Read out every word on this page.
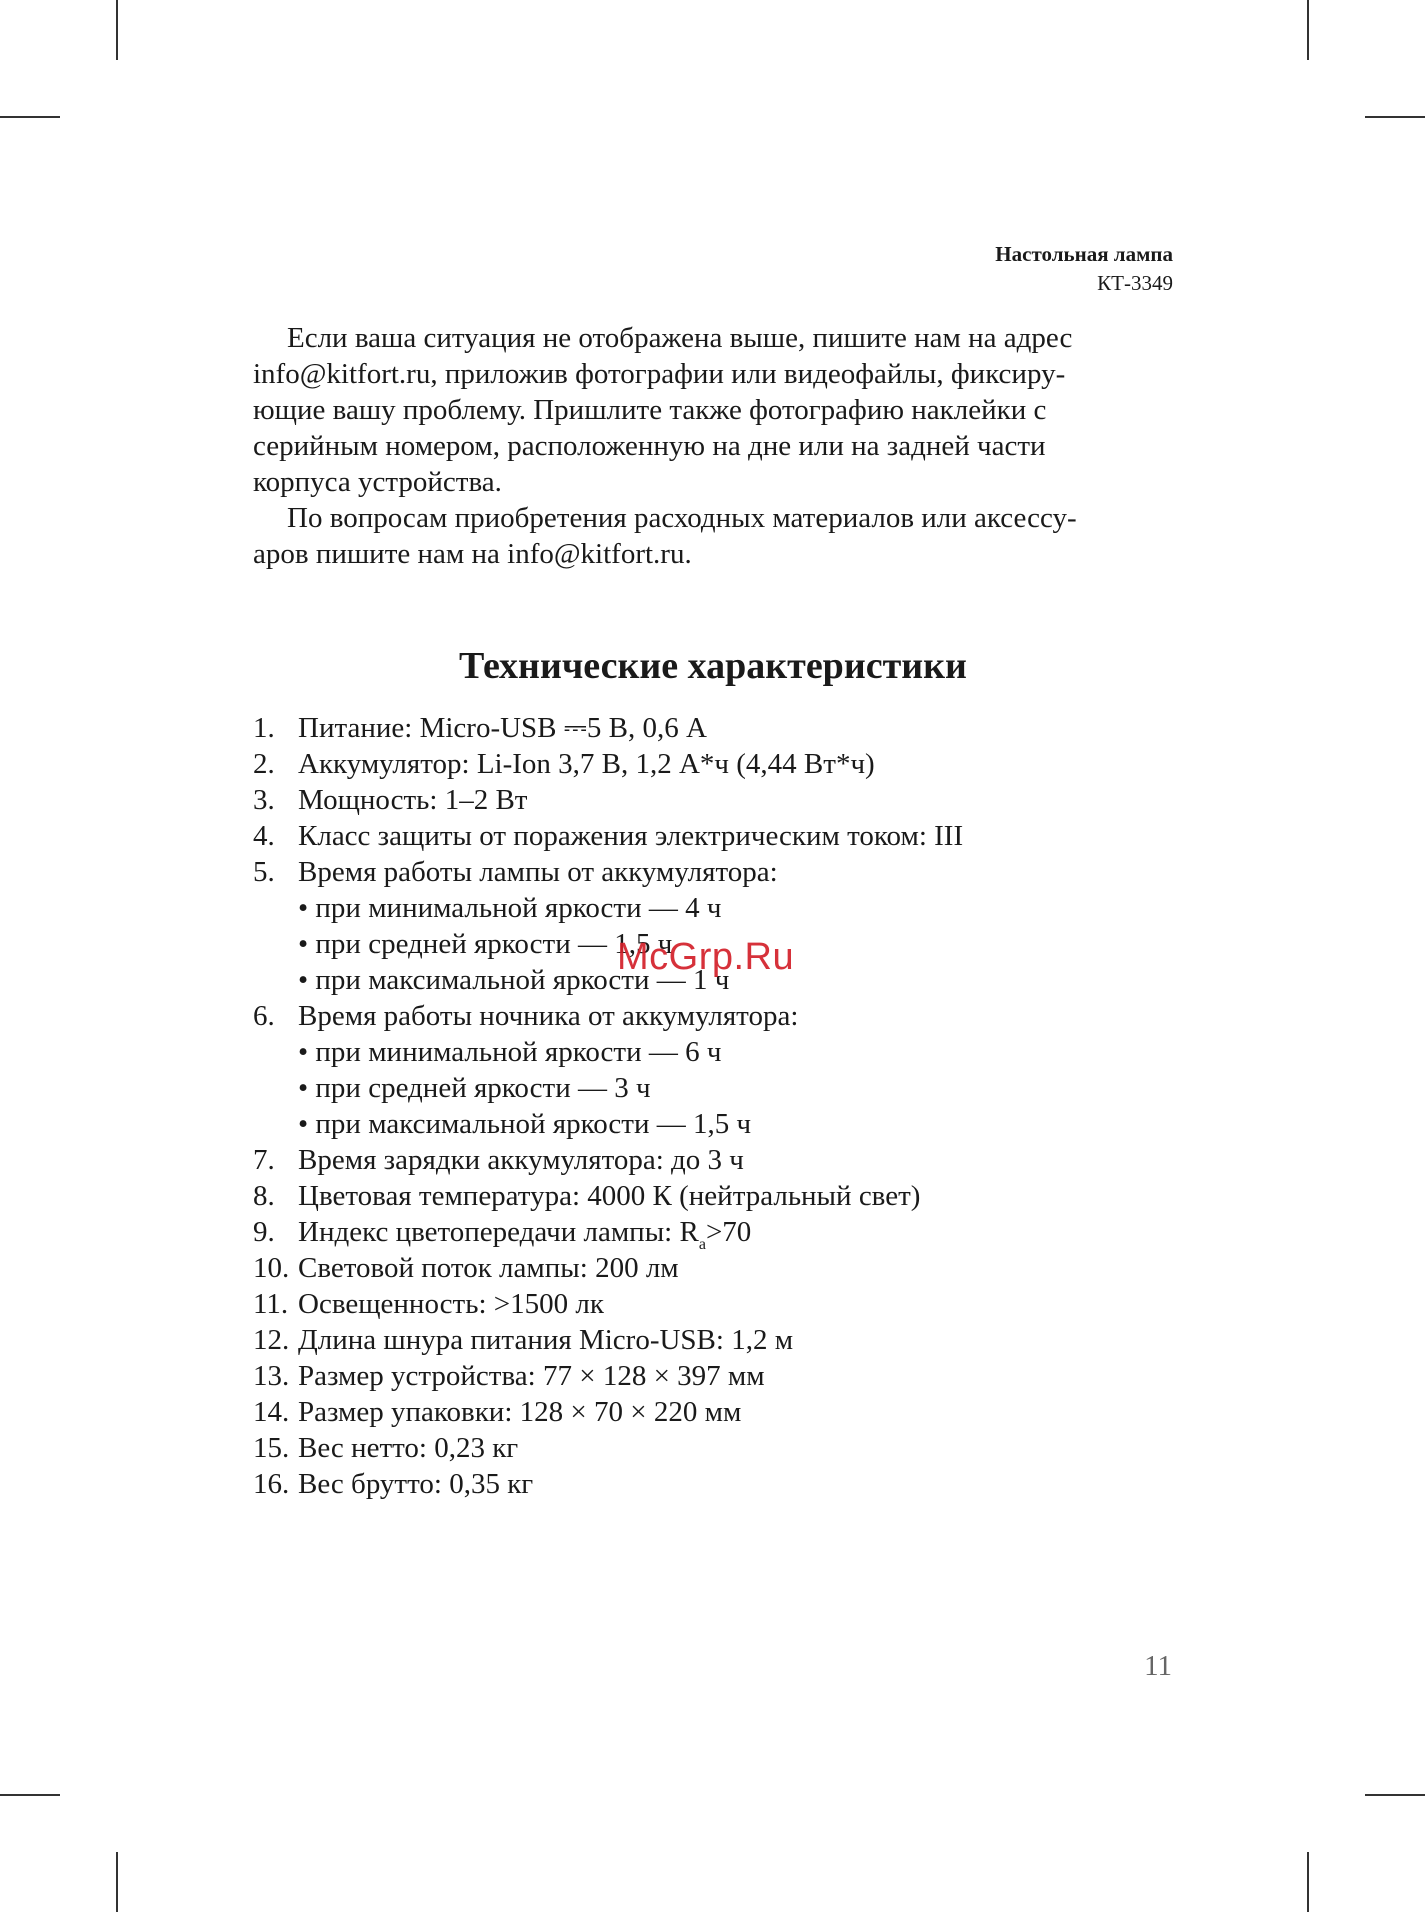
Настольная лампа
КТ-3349

Если ваша ситуация не отображена выше, пишите нам на адрес
info@kitfort.ru, приложив фотографии или видеофайлы, фиксиру-
ющие вашу проблему. Пришлите также фотографию наклейки с
серийным номером, расположенную на дне или на задней части
корпуса устройства.

По вопросам приобретения расходных материалов или аксессу-
аров пишите нам на info@kitfort.ru.

Технические характеристики
1. Питание: Micro-USB ⎓5 В, 0,6 А
2. Аккумулятор: Li-Ion 3,7 В, 1,2 А*ч (4,44 Вт*ч)
3. Мощность: 1–2 Вт
4. Класс защиты от поражения электрическим током: III
5. Время работы лампы от аккумулятора:
• при минимальной яркости — 4 ч
• при средней яркости — 1,5 ч
• при максимальной яркости — 1 ч
6. Время работы ночника от аккумулятора:
• при минимальной яркости — 6 ч
• при средней яркости — 3 ч
• при максимальной яркости — 1,5 ч
7. Время зарядки аккумулятора: до 3 ч
8. Цветовая температура: 4000 К (нейтральный свет)
9. Индекс цветопередачи лампы: $R_a>70$
10. Световой поток лампы: 200 лм
11. Освещенность: >1500 лк
12. Длина шнура питания Micro-USB: 1,2 м
13. Размер устройства: 77 × 128 × 397 мм
14. Размер упаковки: 128 × 70 × 220 мм
15. Вес нетто: 0,23 кг
16. Вес брутто: 0,35 кг
McGrp.Ru
11
